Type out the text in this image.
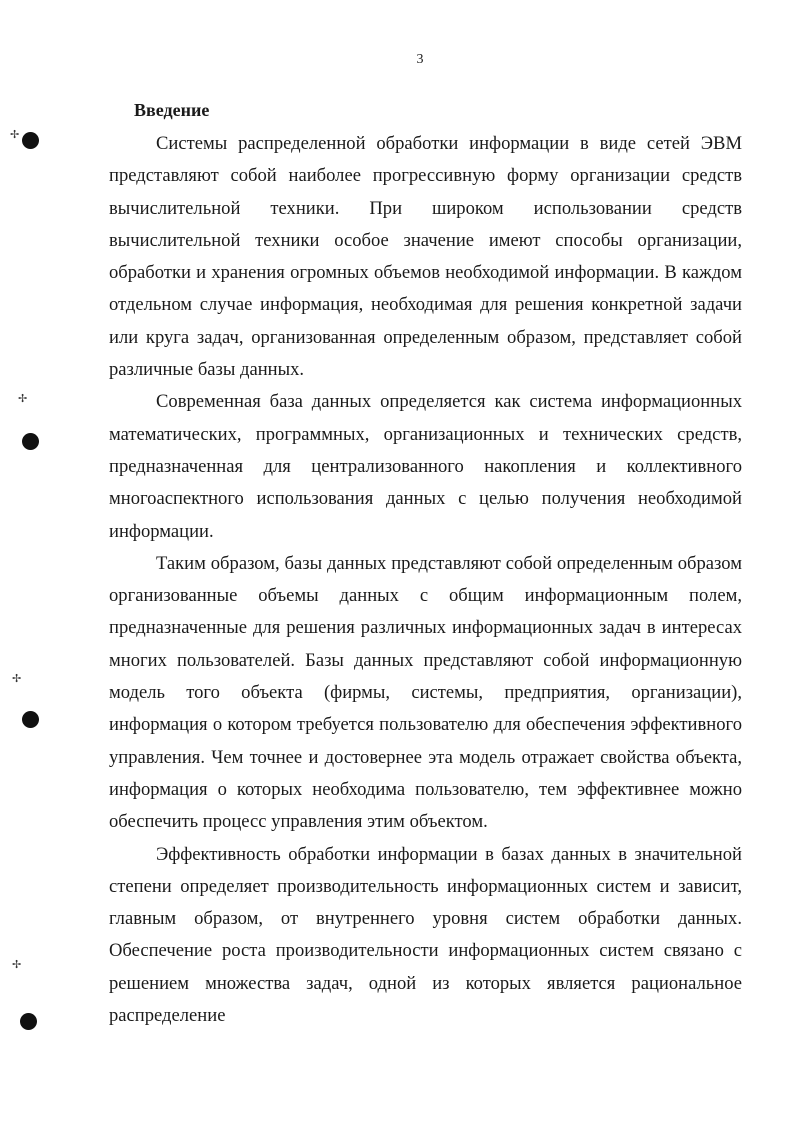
✢
✢
✢
✢
3
Введение

Системы распределенной обработки информации в виде сетей ЭВМ представляют собой наиболее прогрессивную форму организации средств вычислительной техники. При широком использовании средств вычислительной техники особое значение имеют способы организации, обработки и хранения огромных объемов необходимой информации. В каждом отдельном случае информация, необходимая для решения конкретной задачи или круга задач, организованная определенным образом, представляет собой различные базы данных.

Современная база данных определяется как система информационных математических, программных, организационных и технических средств, предназначенная для централизованного накопления и коллективного многоаспектного использования данных с целью получения необходимой информации.

Таким образом, базы данных представляют собой определенным образом организованные объемы данных с общим информационным полем, предназначенные для решения различных информационных задач в интересах многих пользователей. Базы данных представляют собой информационную модель того объекта (фирмы, системы, предприятия, организации), информация о котором требуется пользователю для обеспечения эффективного управления. Чем точнее и достовернее эта модель отражает свойства объекта, информация о которых необходима пользователю, тем эффективнее можно обеспечить процесс управления этим объектом.

Эффективность обработки информации в базах данных в значительной степени определяет производительность информационных систем и зависит, главным образом, от внутреннего уровня систем обработки данных. Обеспечение роста производительности информационных систем связано с решением множества задач, одной из которых является рациональное распределение
